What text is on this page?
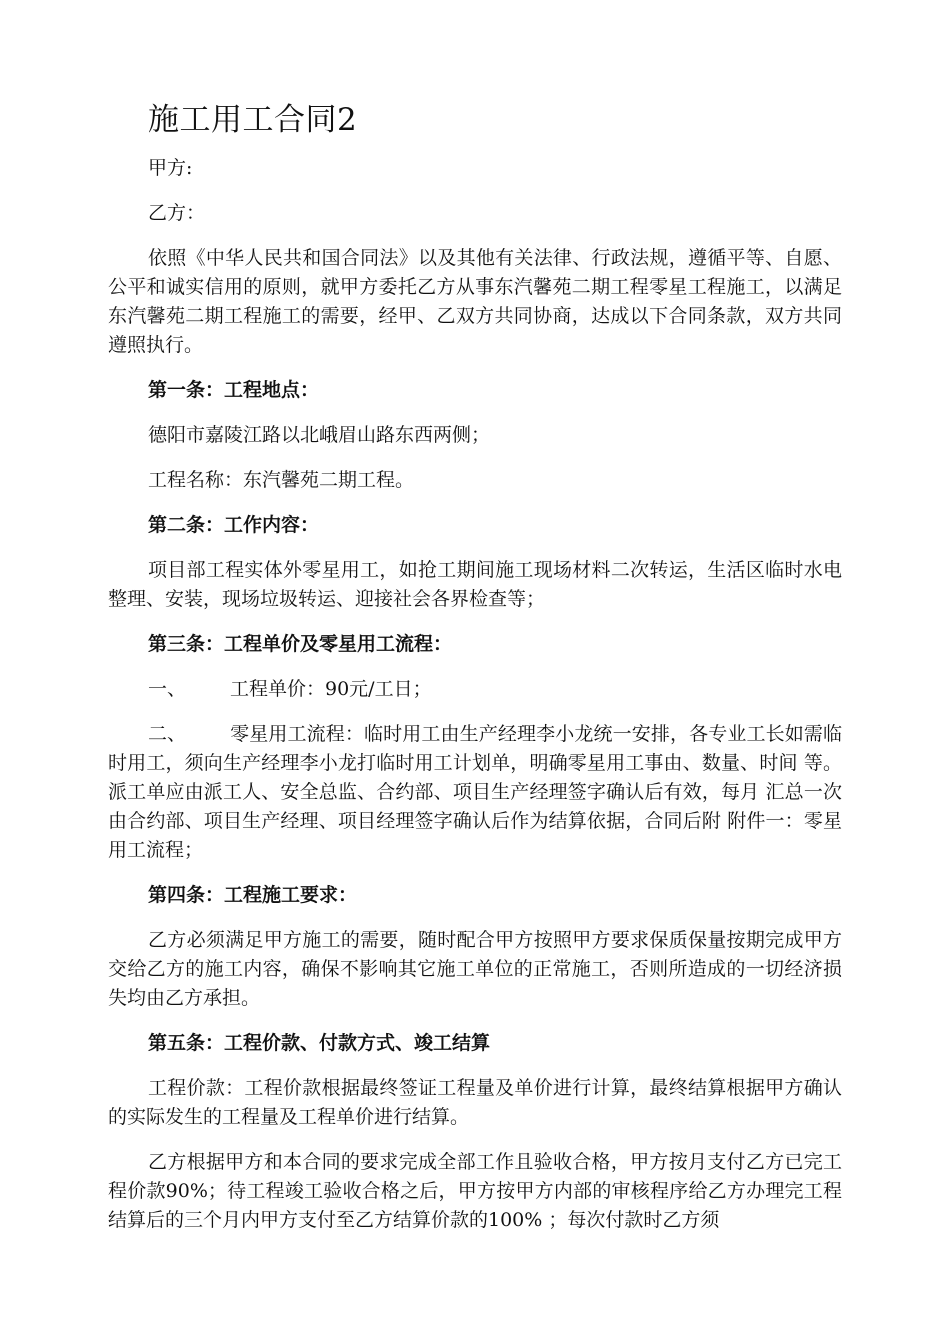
施工用工合同2

甲方:

乙方：

依照《中华人民共和国合同法》以及其他有关法律、行政法规，遵循平等、自愿、公平和诚实信用的原则，就甲方委托乙方从事东汽馨苑二期工程零星工程施工，以满足东汽馨苑二期工程施工的需要，经甲、乙双方共同协商，达成以下合同条款，双方共同遵照执行。

第一条：工程地点：

德阳市嘉陵江路以北峨眉山路东西两侧；

工程名称：东汽馨苑二期工程。

第二条：工作内容：

项目部工程实体外零星用工，如抢工期间施工现场材料二次转运，生活区临时水电整理、安装，现场垃圾转运、迎接社会各界检查等；

第三条：工程单价及零星用工流程：

一、 工程单价：90元/工日；

二、 零星用工流程：临时用工由生产经理李小龙统一安排，各专业工长如需临 时用工，须向生产经理李小龙打临时用工计划单，明确零星用工事由、数量、时间 等。派工单应由派工人、安全总监、合约部、项目生产经理签字确认后有效，每月 汇总一次由合约部、项目生产经理、项目经理签字确认后作为结算依据，合同后附 附件一：零星用工流程；

第四条：工程施工要求：

乙方必须满足甲方施工的需要，随时配合甲方按照甲方要求保质保量按期完成甲方交给乙方的施工内容，确保不影响其它施工单位的正常施工，否则所造成的一切经济损失均由乙方承担。

第五条：工程价款、付款方式、竣工结算

工程价款：工程价款根据最终签证工程量及单价进行计算，最终结算根据甲方确认的实际发生的工程量及工程单价进行结算。

乙方根据甲方和本合同的要求完成全部工作且验收合格，甲方按月支付乙方已完工程价款90%；待工程竣工验收合格之后，甲方按甲方内部的审核程序给乙方办理完工程结算后的三个月内甲方支付至乙方结算价款的100% ；每次付款时乙方须
